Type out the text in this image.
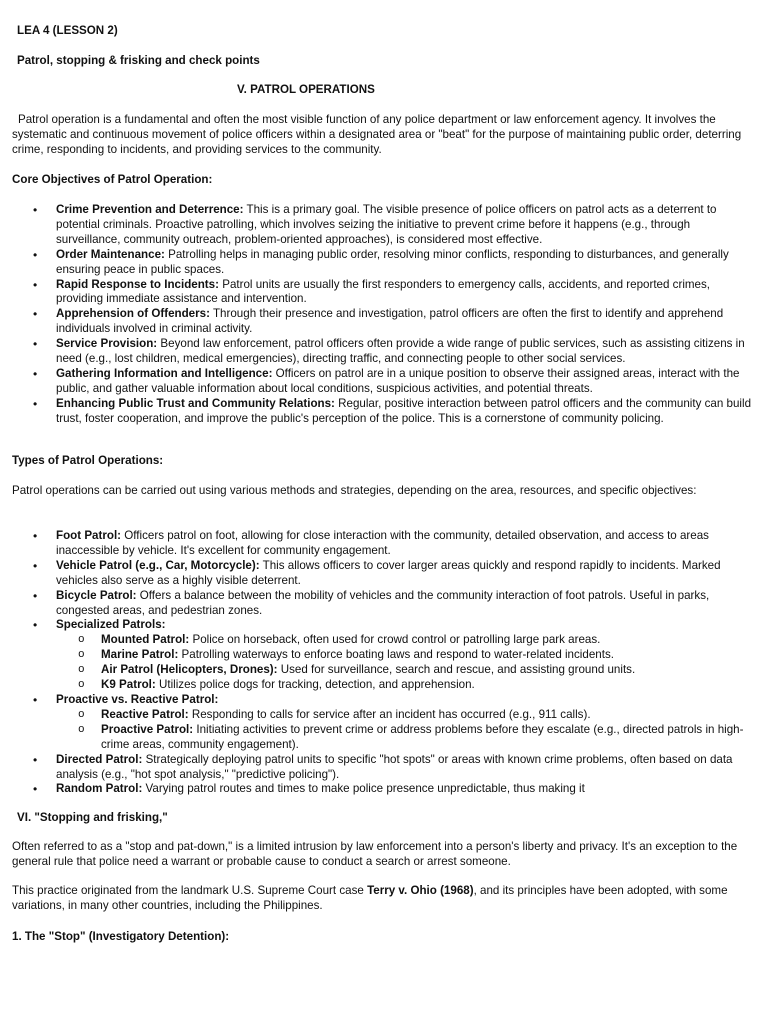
LEA 4 (LESSON 2)
Patrol, stopping & frisking and check points
V. PATROL OPERATIONS

Patrol operation is a fundamental and often the most visible function of any police department or law enforcement agency. It involves the systematic and continuous movement of police officers within a designated area or "beat" for the purpose of maintaining public order, deterring crime, responding to incidents, and providing services to the community.

Core Objectives of Patrol Operation:
• Crime Prevention and Deterrence: This is a primary goal. The visible presence of police officers on patrol acts as a deterrent to potential criminals. Proactive patrolling, which involves seizing the initiative to prevent crime before it happens (e.g., through surveillance, community outreach, problem-oriented approaches), is considered most effective.
• Order Maintenance: Patrolling helps in managing public order, resolving minor conflicts, responding to disturbances, and generally ensuring peace in public spaces.
• Rapid Response to Incidents: Patrol units are usually the first responders to emergency calls, accidents, and reported crimes, providing immediate assistance and intervention.
• Apprehension of Offenders: Through their presence and investigation, patrol officers are often the first to identify and apprehend individuals involved in criminal activity.
• Service Provision: Beyond law enforcement, patrol officers often provide a wide range of public services, such as assisting citizens in need (e.g., lost children, medical emergencies), directing traffic, and connecting people to other social services.
• Gathering Information and Intelligence: Officers on patrol are in a unique position to observe their assigned areas, interact with the public, and gather valuable information about local conditions, suspicious activities, and potential threats.
• Enhancing Public Trust and Community Relations: Regular, positive interaction between patrol officers and the community can build trust, foster cooperation, and improve the public's perception of the police. This is a cornerstone of community policing.
Types of Patrol Operations:

Patrol operations can be carried out using various methods and strategies, depending on the area, resources, and specific objectives:

• Foot Patrol: Officers patrol on foot, allowing for close interaction with the community, detailed observation, and access to areas inaccessible by vehicle. It's excellent for community engagement.
• Vehicle Patrol (e.g., Car, Motorcycle): This allows officers to cover larger areas quickly and respond rapidly to incidents. Marked vehicles also serve as a highly visible deterrent.
• Bicycle Patrol: Offers a balance between the mobility of vehicles and the community interaction of foot patrols. Useful in parks, congested areas, and pedestrian zones.
• Specialized Patrols:
o Mounted Patrol: Police on horseback, often used for crowd control or patrolling large park areas.
o Marine Patrol: Patrolling waterways to enforce boating laws and respond to water-related incidents.
o Air Patrol (Helicopters, Drones): Used for surveillance, search and rescue, and assisting ground units.
o K9 Patrol: Utilizes police dogs for tracking, detection, and apprehension.
• Proactive vs. Reactive Patrol:
o Reactive Patrol: Responding to calls for service after an incident has occurred (e.g., 911 calls).
o Proactive Patrol: Initiating activities to prevent crime or address problems before they escalate (e.g., directed patrols in high-crime areas, community engagement).
• Directed Patrol: Strategically deploying patrol units to specific "hot spots" or areas with known crime problems, often based on data analysis (e.g., "hot spot analysis," "predictive policing").
• Random Patrol: Varying patrol routes and times to make police presence unpredictable, thus making it
VI. "Stopping and frisking,"

Often referred to as a "stop and pat-down," is a limited intrusion by law enforcement into a person's liberty and privacy. It's an exception to the general rule that police need a warrant or probable cause to conduct a search or arrest someone.

This practice originated from the landmark U.S. Supreme Court case Terry v. Ohio (1968), and its principles have been adopted, with some variations, in many other countries, including the Philippines.

1. The "Stop" (Investigatory Detention):
